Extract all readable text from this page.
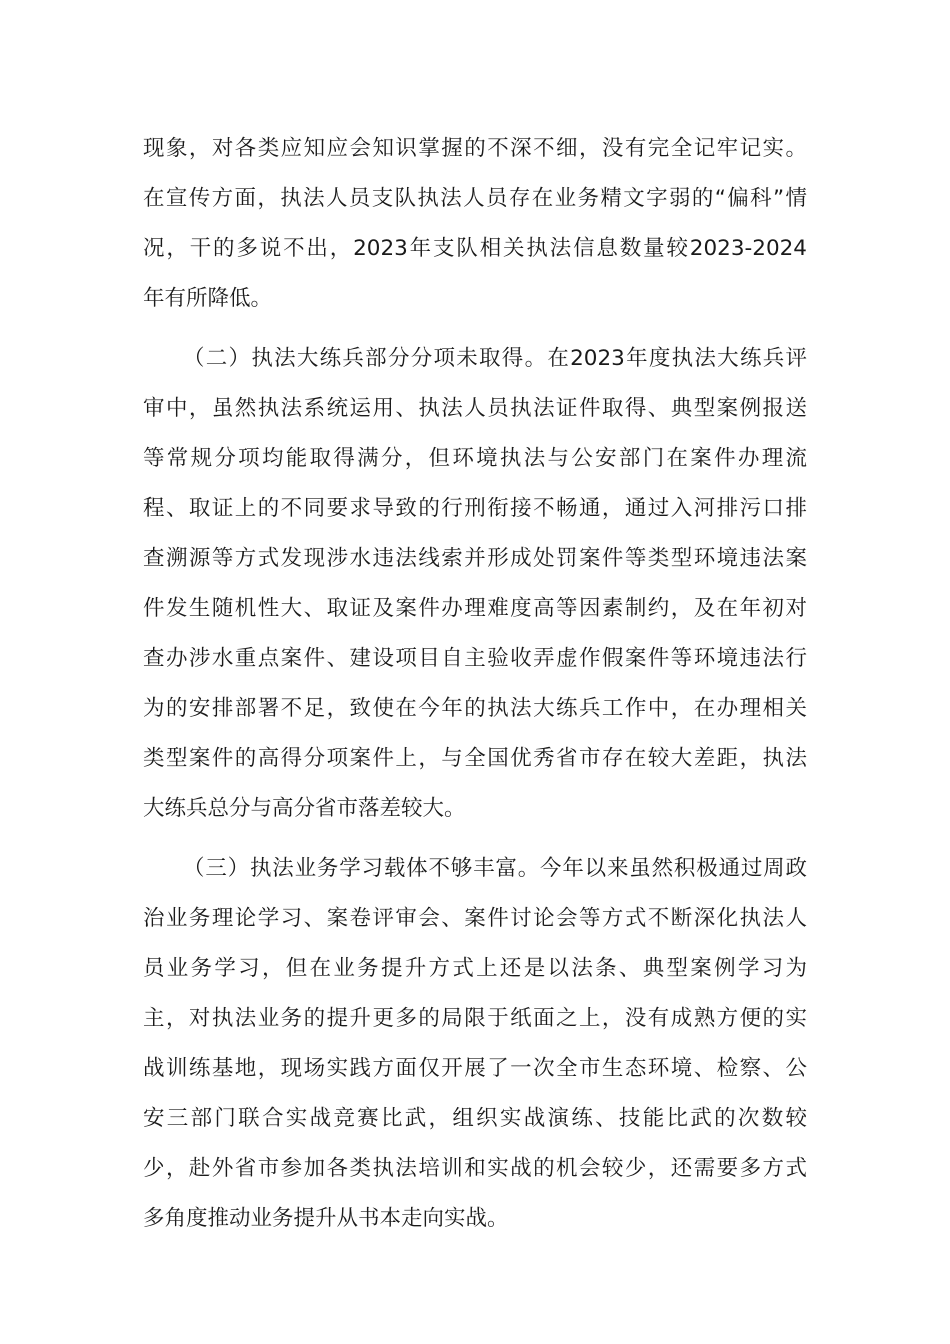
现象，对各类应知应会知识掌握的不深不细，没有完全记牢记实。
在宣传方面，执法人员支队执法人员存在业务精文字弱的“偏科”情
况，干的多说不出，2023年支队相关执法信息数量较2023-2024
年有所降低。
（二）执法大练兵部分分项未取得。在2023年度执法大练兵评
审中，虽然执法系统运用、执法人员执法证件取得、典型案例报送
等常规分项均能取得满分，但环境执法与公安部门在案件办理流
程、取证上的不同要求导致的行刑衔接不畅通，通过入河排污口排
查溯源等方式发现涉水违法线索并形成处罚案件等类型环境违法案
件发生随机性大、取证及案件办理难度高等因素制约，及在年初对
查办涉水重点案件、建设项目自主验收弄虚作假案件等环境违法行
为的安排部署不足，致使在今年的执法大练兵工作中，在办理相关
类型案件的高得分项案件上，与全国优秀省市存在较大差距，执法
大练兵总分与高分省市落差较大。
（三）执法业务学习载体不够丰富。今年以来虽然积极通过周政
治业务理论学习、案卷评审会、案件讨论会等方式不断深化执法人
员业务学习，但在业务提升方式上还是以法条、典型案例学习为
主，对执法业务的提升更多的局限于纸面之上，没有成熟方便的实
战训练基地，现场实践方面仅开展了一次全市生态环境、检察、公
安三部门联合实战竞赛比武，组织实战演练、技能比武的次数较
少，赴外省市参加各类执法培训和实战的机会较少，还需要多方式
多角度推动业务提升从书本走向实战。
